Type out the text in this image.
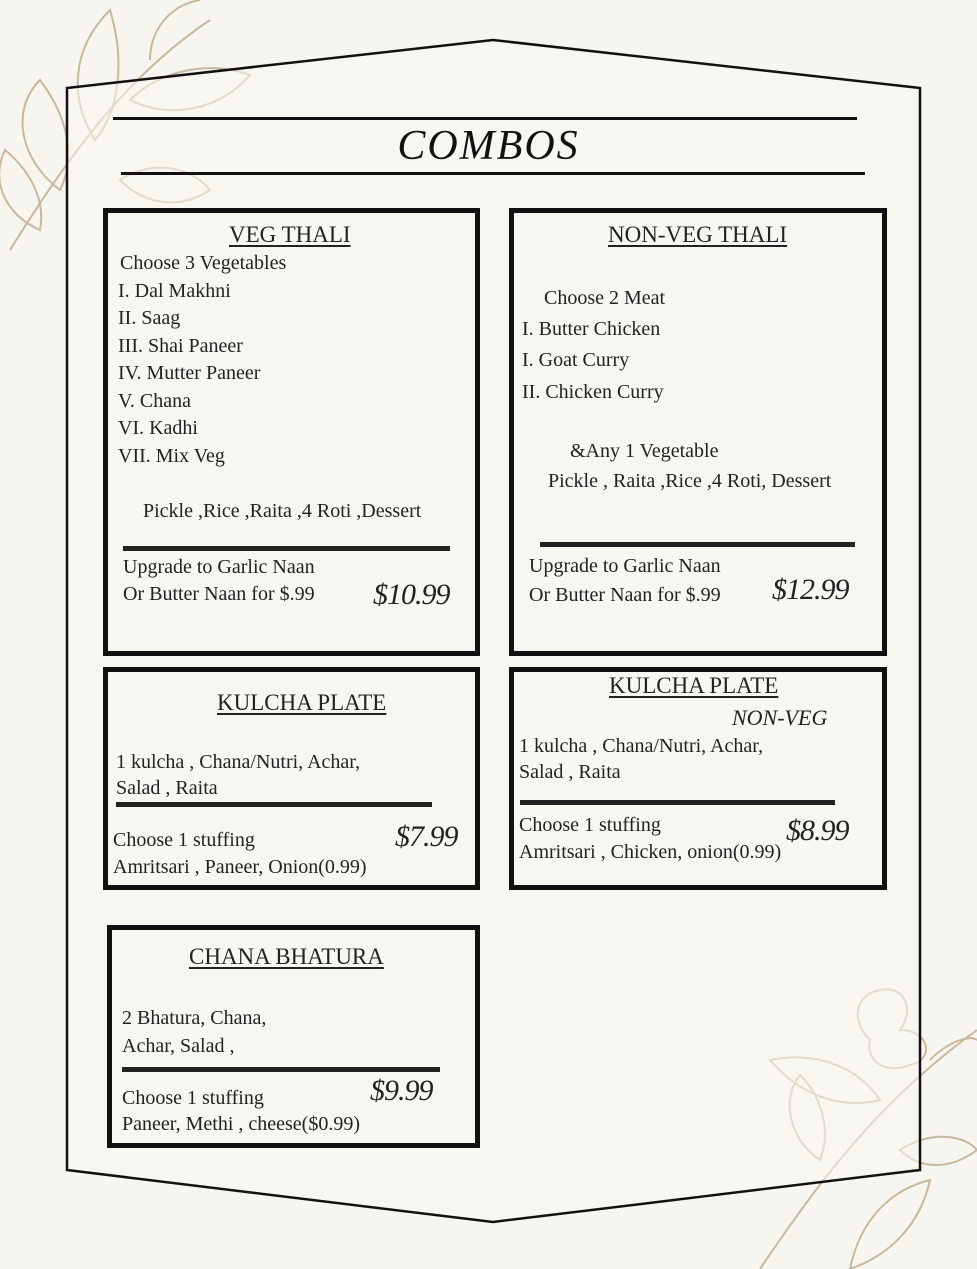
COMBOS
VEG THALI
Choose 3 Vegetables
I. Dal Makhni
II. Saag
III. Shai Paneer
IV. Mutter Paneer
V. Chana
VI. Kadhi
VII. Mix Veg
Pickle ,Rice ,Raita ,4 Roti ,Dessert
Upgrade to Garlic Naan
Or Butter Naan for $.99 $10.99
NON-VEG THALI
Choose 2 Meat
I. Butter Chicken
I. Goat Curry
II. Chicken Curry
&Any 1 Vegetable
Pickle , Raita ,Rice ,4 Roti, Dessert
Upgrade to Garlic Naan
Or Butter Naan for $.99 $12.99
KULCHA PLATE
1 kulcha , Chana/Nutri, Achar,
Salad , Raita
Choose 1 stuffing
Amritsari , Paneer, Onion(0.99)
$7.99
KULCHA PLATE
NON-VEG
1 kulcha , Chana/Nutri, Achar,
Salad , Raita
Choose 1 stuffing
Amritsari , Chicken, onion(0.99)
$8.99
CHANA BHATURA
2 Bhatura, Chana,
Achar, Salad ,
Choose 1 stuffing
Paneer, Methi , cheese($0.99)
$9.99
